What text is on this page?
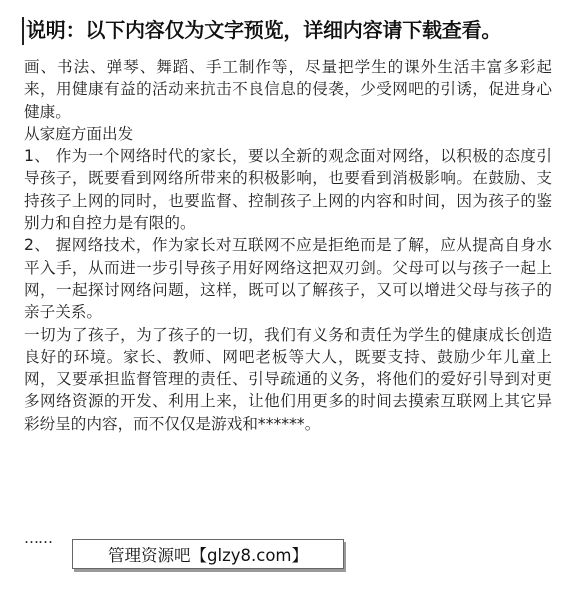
说明：以下内容仅为文字预览，详细内容请下载查看。

画、书法、弹琴、舞蹈、手工制作等，尽量把学生的课外生活丰富多彩起来，用健康有益的活动来抗击不良信息的侵袭，少受网吧的引诱，促进身心健康。

从家庭方面出发

1、 作为一个网络时代的家长，要以全新的观念面对网络，以积极的态度引导孩子，既要看到网络所带来的积极影响，也要看到消极影响。在鼓励、支持孩子上网的同时，也要监督、控制孩子上网的内容和时间，因为孩子的鉴别力和自控力是有限的。

2、 握网络技术，作为家长对互联网不应是拒绝而是了解，应从提高自身水平入手，从而进一步引导孩子用好网络这把双刃剑。父母可以与孩子一起上网，一起探讨网络问题，这样，既可以了解孩子，又可以增进父母与孩子的亲子关系。

一切为了孩子，为了孩子的一切，我们有义务和责任为学生的健康成长创造良好的环境。家长、教师、网吧老板等大人，既要支持、鼓励少年儿童上网，又要承担监督管理的责任、引导疏通的义务，将他们的爱好引导到对更多网络资源的开发、利用上来，让他们用更多的时间去摸索互联网上其它异彩纷呈的内容，而不仅仅是游戏和******。

……
管理资源吧【glzy8.com】
